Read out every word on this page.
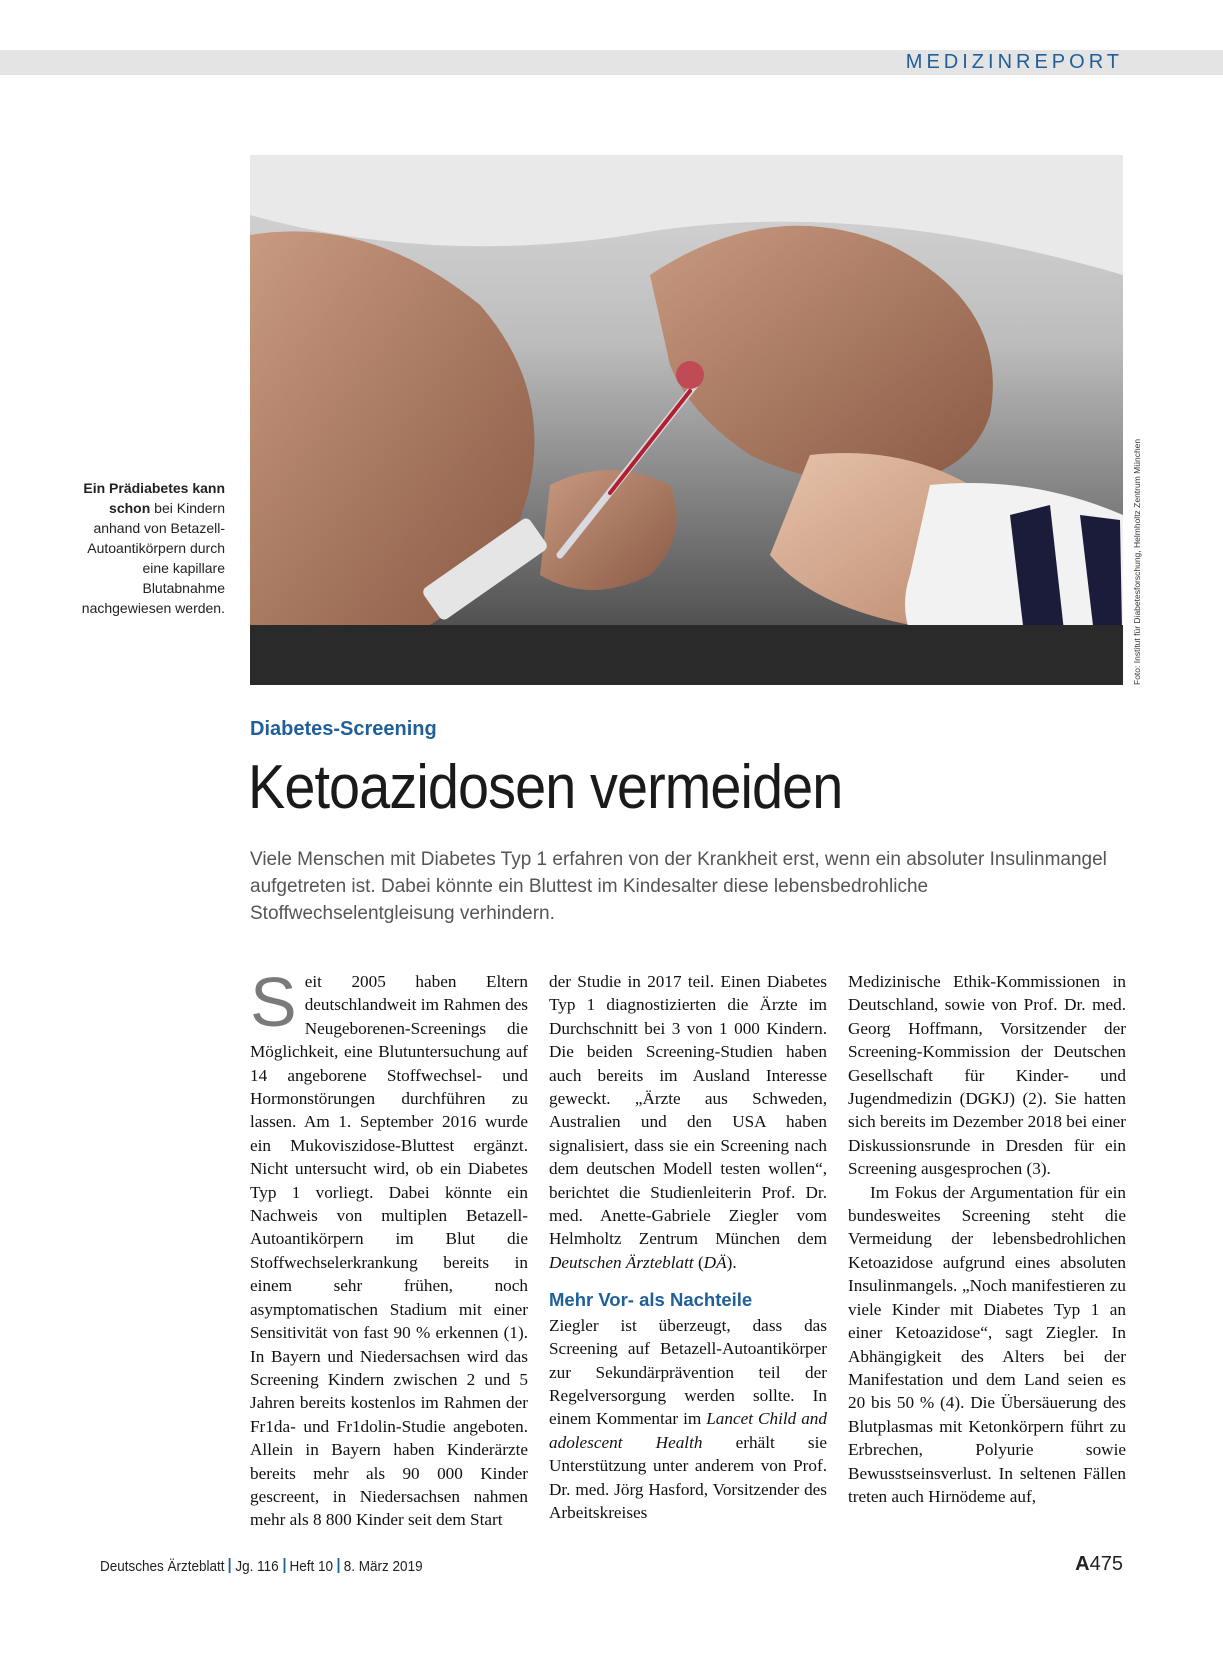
MEDIZINREPORT
Foto: Institut für Diabetesforschung, Helmholtz Zentrum München
Ein Prädiabetes kann schon bei Kindern anhand von Betazell-Autoantikörpern durch eine kapillare Blutabnahme nachgewiesen werden.
Diabetes-Screening
Ketoazidosen vermeiden

Viele Menschen mit Diabetes Typ 1 erfahren von der Krankheit erst, wenn ein absoluter Insulinmangel aufgetreten ist. Dabei könnte ein Bluttest im Kindesalter diese lebensbedrohliche Stoffwechselentgleisung verhindern.

Seit 2005 haben Eltern deutschlandweit im Rahmen des Neugeborenen-Screenings die Möglichkeit, eine Blutuntersuchung auf 14 angeborene Stoffwechsel- und Hormonstörungen durchführen zu lassen. Am 1. September 2016 wurde ein Mukoviszidose-Bluttest ergänzt. Nicht untersucht wird, ob ein Diabetes Typ 1 vorliegt. Dabei könnte ein Nachweis von multiplen Betazell-Autoantikörpern im Blut die Stoffwechselerkrankung bereits in einem sehr frühen, noch asymptomatischen Stadium mit einer Sensitivität von fast 90 % erkennen (1). In Bayern und Niedersachsen wird das Screening Kindern zwischen 2 und 5 Jahren bereits kostenlos im Rahmen der Fr1da- und Fr1dolin-Studie angeboten. Allein in Bayern haben Kinderärzte bereits mehr als 90 000 Kinder gescreent, in Niedersachsen nahmen mehr als 8 800 Kinder seit dem Start

der Studie in 2017 teil. Einen Diabetes Typ 1 diagnostizierten die Ärzte im Durchschnitt bei 3 von 1 000 Kindern. Die beiden Screening-Studien haben auch bereits im Ausland Interesse geweckt. „Ärzte aus Schweden, Australien und den USA haben signalisiert, dass sie ein Screening nach dem deutschen Modell testen wollen“, berichtet die Studienleiterin Prof. Dr. med. Anette-Gabriele Ziegler vom Helmholtz Zentrum München dem Deutschen Ärzteblatt (DÄ).

Mehr Vor- als Nachteile

Ziegler ist überzeugt, dass das Screening auf Betazell-Autoantikörper zur Sekundärprävention teil der Regelversorgung werden sollte. In einem Kommentar im Lancet Child and adolescent Health erhält sie Unterstützung unter anderem von Prof. Dr. med. Jörg Hasford, Vorsitzender des Arbeitskreises

Medizinische Ethik-Kommissionen in Deutschland, sowie von Prof. Dr. med. Georg Hoffmann, Vorsitzender der Screening-Kommission der Deutschen Gesellschaft für Kinder- und Jugendmedizin (DGKJ) (2). Sie hatten sich bereits im Dezember 2018 bei einer Diskussionsrunde in Dresden für ein Screening ausgesprochen (3).

Im Fokus der Argumentation für ein bundesweites Screening steht die Vermeidung der lebensbedrohlichen Ketoazidose aufgrund eines absoluten Insulinmangels. „Noch manifestieren zu viele Kinder mit Diabetes Typ 1 an einer Ketoazidose“, sagt Ziegler. In Abhängigkeit des Alters bei der Manifestation und dem Land seien es 20 bis 50 % (4). Die Übersäuerung des Blutplasmas mit Ketonkörpern führt zu Erbrechen, Polyurie sowie Bewusstseinsverlust. In seltenen Fällen treten auch Hirnödeme auf,

Deutsches Ärzteblatt Jg. 116 Heft 10 8. März 2019	A475
